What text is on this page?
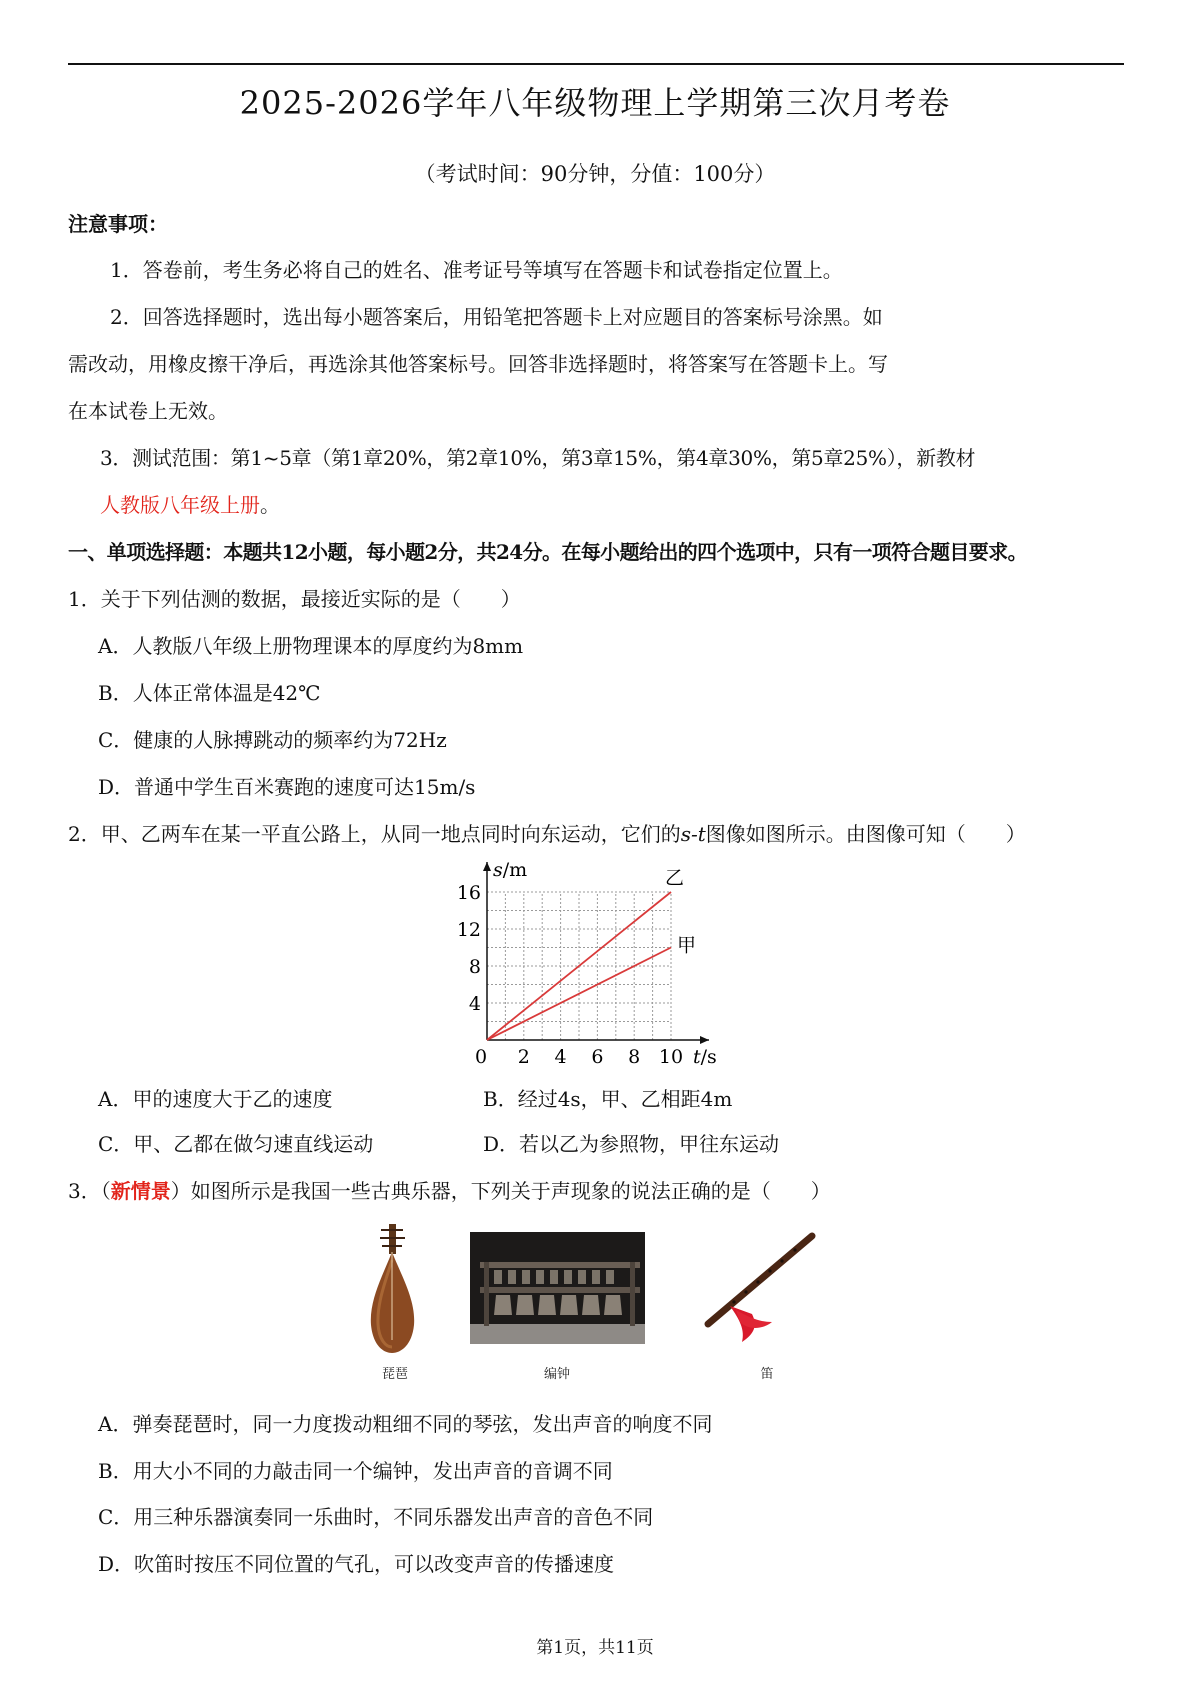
2025-2026学年八年级物理上学期第三次月考卷
（考试时间：90分钟，分值：100分）
注意事项：
1．答卷前，考生务必将自己的姓名、准考证号等填写在答题卡和试卷指定位置上。
2．回答选择题时，选出每小题答案后，用铅笔把答题卡上对应题目的答案标号涂黑。如
需改动，用橡皮擦干净后，再选涂其他答案标号。回答非选择题时，将答案写在答题卡上。写
在本试卷上无效。
3．测试范围：第1~5章（第1章20%，第2章10%，第3章15%，第4章30%，第5章25%），新教材
人教版八年级上册。
一、单项选择题：本题共12小题，每小题2分，共24分。在每小题给出的四个选项中，只有一项符合题目要求。
1．关于下列估测的数据，最接近实际的是（　　）
A．人教版八年级上册物理课本的厚度约为8mm
B．人体正常体温是42℃
C．健康的人脉搏跳动的频率约为72Hz
D．普通中学生百米赛跑的速度可达15m/s
2．甲、乙两车在某一平直公路上，从同一地点同时向东运动，它们的s-t图像如图所示。由图像可知（　　）
s/m
t/s
0 2 4 6 8 10
4
8
12
16
乙
甲
A．甲的速度大于乙的速度	B．经过4s，甲、乙相距4m
C．甲、乙都在做匀速直线运动	D．若以乙为参照物，甲往东运动
3．（新情景）如图所示是我国一些古典乐器，下列关于声现象的说法正确的是（　　）
琵琶	编钟	笛
A．弹奏琵琶时，同一力度拨动粗细不同的琴弦，发出声音的响度不同
B．用大小不同的力敲击同一个编钟，发出声音的音调不同
C．用三种乐器演奏同一乐曲时，不同乐器发出声音的音色不同
D．吹笛时按压不同位置的气孔，可以改变声音的传播速度
第1页，共11页
